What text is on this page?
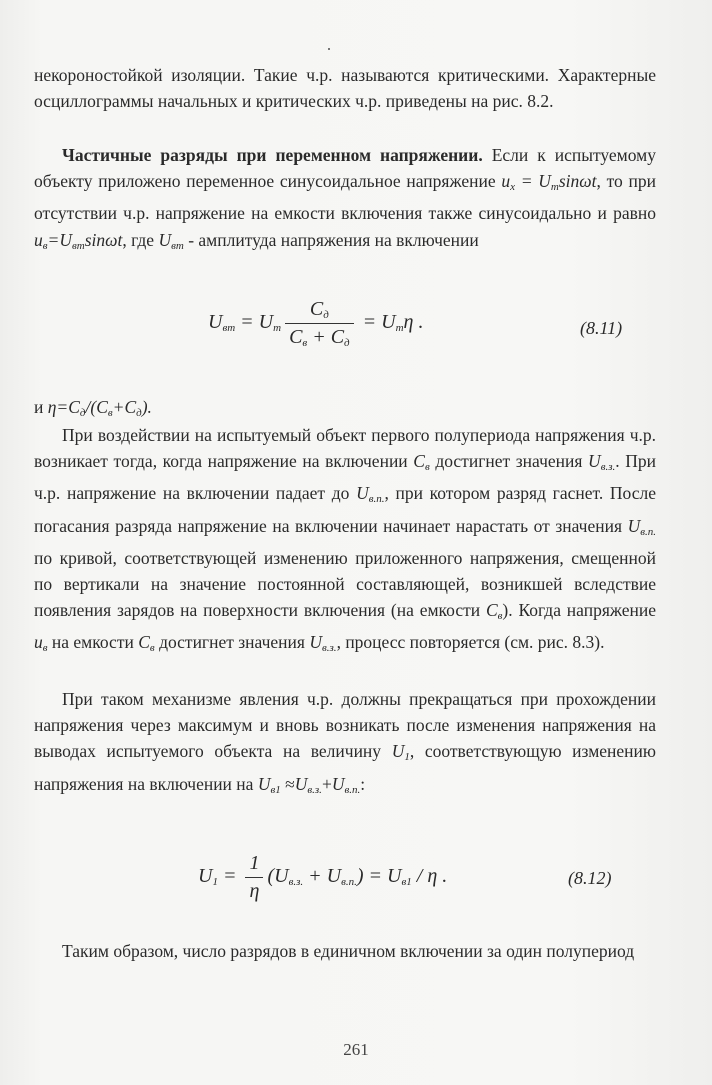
некороностойкой изоляции. Такие ч.р. называются критическими. Характерные осциллограммы начальных и критических ч.р. приведены на рис. 8.2.

Частичные разряды при переменном напряжении. Если к испытуемому объекту приложено переменное синусоидальное напряжение $u_x = U_m\sin\omega t$, то при отсутствии ч.р. напряжение на емкости включения также синусоидально и равно $u_в=U_{вm}\sin\omega t$, где $U_{вm}$ - амплитуда напряжения на включении

$U_{вm} = U_m \frac{C_д}{C_в + C_д} = U_m\eta$ .	(8.11)

и $\eta=C_д/(C_в+C_д)$.

При воздействии на испытуемый объект первого полупериода напряжения ч.р. возникает тогда, когда напряжение на включении $C_в$ достигнет значения $U_{в.з.}$. При ч.р. напряжение на включении падает до $U_{в.п.}$, при котором разряд гаснет. После погасания разряда напряжение на включении начинает нарастать от значения $U_{в.п.}$ по кривой, соответствующей изменению приложенного напряжения, смещенной по вертикали на значение постоянной составляющей, возникшей вследствие появления зарядов на поверхности включения (на емкости $C_в$). Когда напряжение $u_в$ на емкости $C_в$ достигнет значения $U_{в.з.}$, процесс повторяется (см. рис. 8.3).

При таком механизме явления ч.р. должны прекращаться при прохождении напряжения через максимум и вновь возникать после изменения напряжения на выводах испытуемого объекта на величину $U_1$, соответствующую изменению напряжения на включении на $U_{в1} \approx U_{в.з.}+U_{в.п.}$:

$U_1 = \frac{1}{\eta} (U_{в.з.} + U_{в.п.}) = U_{в1} / \eta$ .	(8.12)

Таким образом, число разрядов в единичном включении за один полупериод

261
